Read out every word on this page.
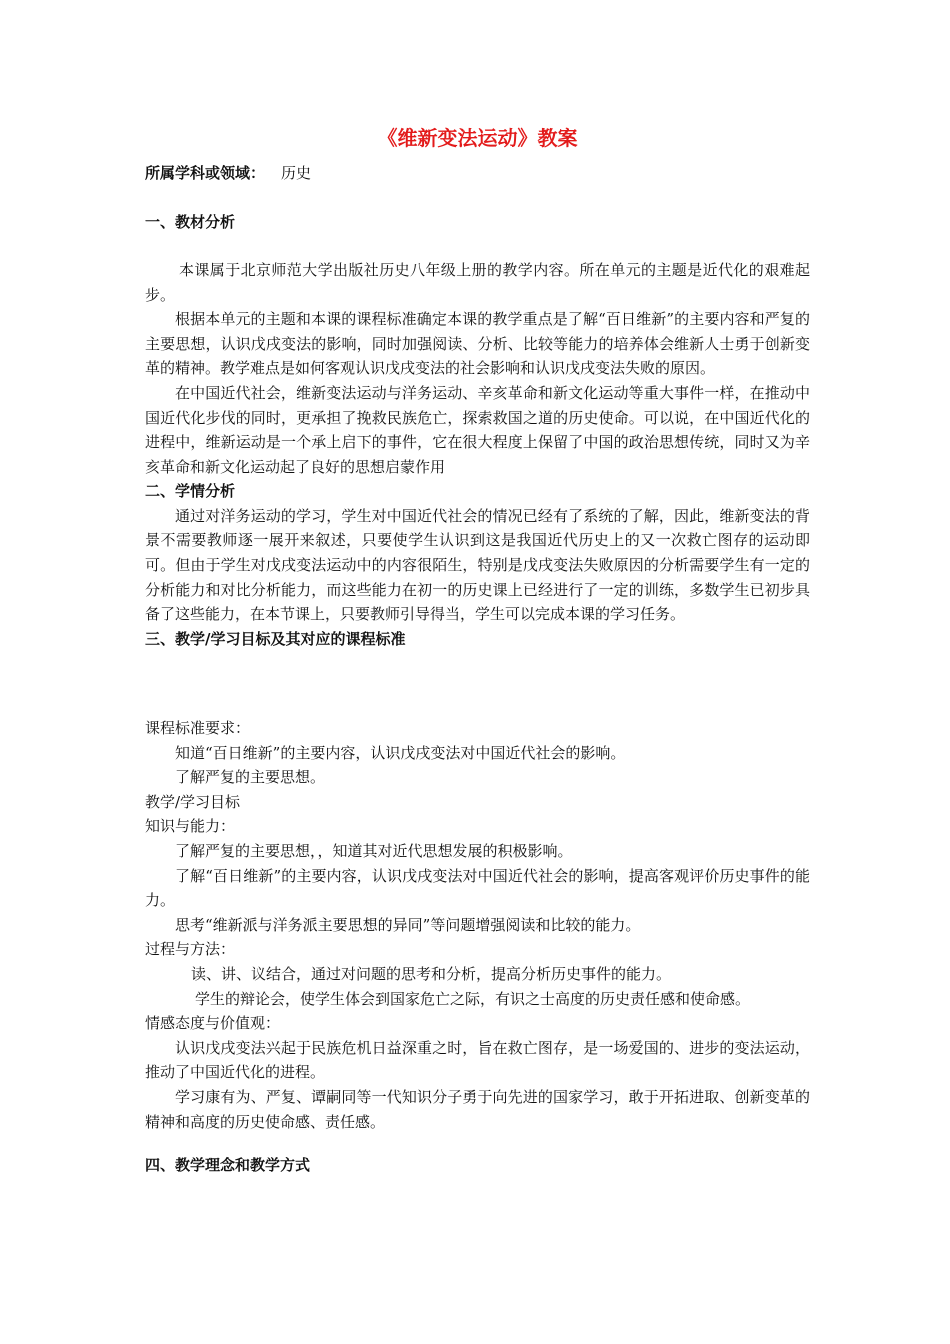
《维新变法运动》教案
所属学科或领域： 历史
一、教材分析

本课属于北京师范大学出版社历史八年级上册的教学内容。所在单元的主题是近代化的艰难起步。

根据本单元的主题和本课的课程标准确定本课的教学重点是了解“百日维新”的主要内容和严复的主要思想，认识戊戌变法的影响，同时加强阅读、分析、比较等能力的培养体会维新人士勇于创新变革的精神。教学难点是如何客观认识戊戌变法的社会影响和认识戊戌变法失败的原因。

在中国近代社会，维新变法运动与洋务运动、辛亥革命和新文化运动等重大事件一样，在推动中国近代化步伐的同时，更承担了挽救民族危亡，探索救国之道的历史使命。可以说，在中国近代化的进程中，维新运动是一个承上启下的事件，它在很大程度上保留了中国的政治思想传统，同时又为辛亥革命和新文化运动起了良好的思想启蒙作用

二、学情分析

通过对洋务运动的学习，学生对中国近代社会的情况已经有了系统的了解，因此，维新变法的背景不需要教师逐一展开来叙述，只要使学生认识到这是我国近代历史上的又一次救亡图存的运动即可。但由于学生对戊戌变法运动中的内容很陌生，特别是戊戌变法失败原因的分析需要学生有一定的分析能力和对比分析能力，而这些能力在初一的历史课上已经进行了一定的训练，多数学生已初步具备了这些能力，在本节课上，只要教师引导得当，学生可以完成本课的学习任务。

三、教学/学习目标及其对应的课程标准

课程标准要求：

知道“百日维新”的主要内容，认识戊戌变法对中国近代社会的影响。

了解严复的主要思想。

教学/学习目标

知识与能力：

了解严复的主要思想，，知道其对近代思想发展的积极影响。

了解“百日维新”的主要内容，认识戊戌变法对中国近代社会的影响，提高客观评价历史事件的能力。

思考“维新派与洋务派主要思想的异同”等问题增强阅读和比较的能力。

过程与方法：

读、讲、议结合，通过对问题的思考和分析，提高分析历史事件的能力。

学生的辩论会，使学生体会到国家危亡之际，有识之士高度的历史责任感和使命感。

情感态度与价值观：

认识戊戌变法兴起于民族危机日益深重之时，旨在救亡图存，是一场爱国的、进步的变法运动，推动了中国近代化的进程。

学习康有为、严复、谭嗣同等一代知识分子勇于向先进的国家学习，敢于开拓进取、创新变革的精神和高度的历史使命感、责任感。

四、教学理念和教学方式
